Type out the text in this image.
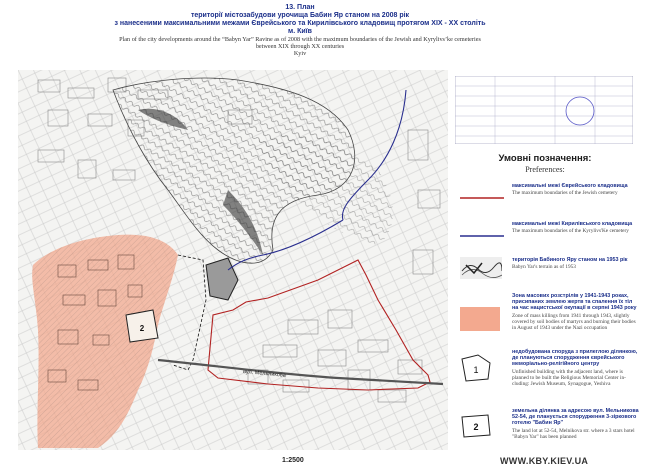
13. План
території містозабудови урочища Бабин Яр станом на 2008 рік
з нанесеними максимальними межами Єврейського та Кирилівського кладовищ протягом XIX - XX століть
м. Київ
Plan of the city developments around the “Babyn Yar” Ravine as of 2008 with the maximum boundaries of the Jewish and Kyrylivs’ke cemeteries
between XIX through XX centuries
Kyiv
2
вул. Мельникова
Умовні позначення:
Preferences:
максимальні межі Єврейського кладовища
The maximum boundaries of the Jewish cemetery
максимальні межі Кирилівського кладовища
The maximum boundaries of the Kyrylivs'Ke cemetery
територія Бабиного Яру станом на 1953 рік
Babyn Yar's terrain as of 1953
Зона масових розстрілів у 1941-1943 роках, присипаних землею жертв та спалення їх тіл на час нацистської окупації в серпні 1943 року
Zone of mass killings from 1941 through 1943, slightly covered by soil bodies of martyrs and burning their bodies in August of 1943 under the Nazi occupation
1
недобудована споруда з прилеглою ділянкою, де плануються спорудження єврейського меморіально-релігійного центру
Unfinished building with the adjacent land, where is planned to be built the Religious Memorial Center in-cluding: Jewish Museum, Synagogue, Yeshiva
2
земельна ділянка за адресою вул. Мельникова 52-54, де планується спорудження 3-зіркового готелю "Бабин Яр"
The land lot at 52-54, Melnikova str. where a 3 stars hotel "Babyn Yar" has been planned
1:2500	WWW.KBY.KIEV.UA
